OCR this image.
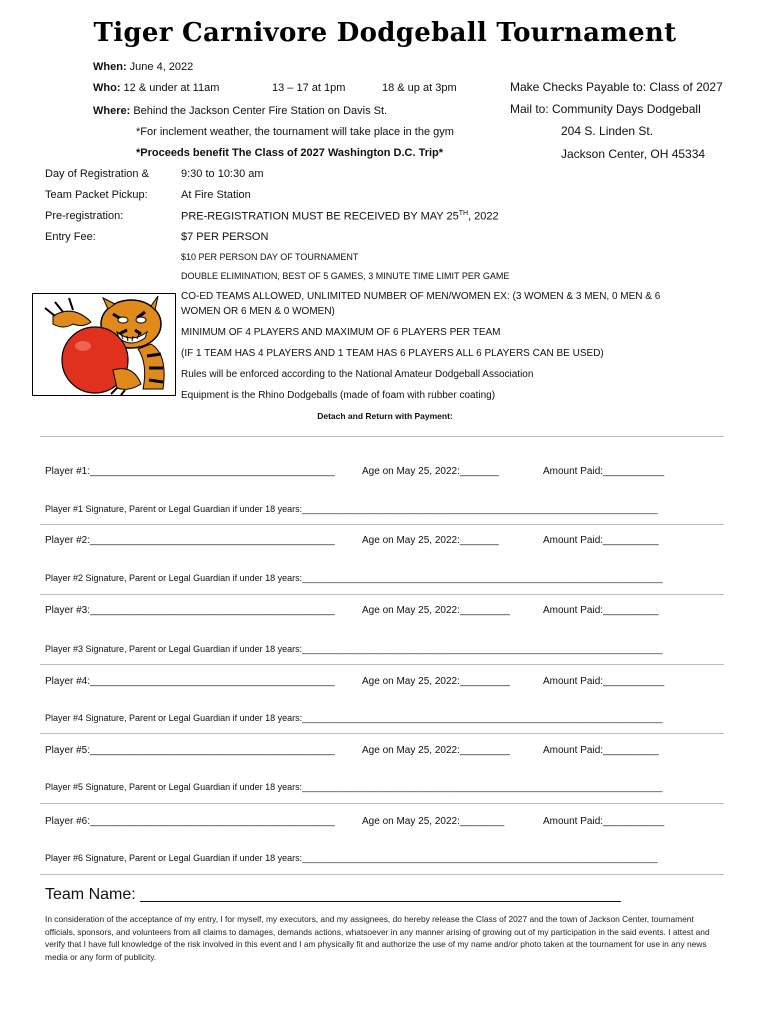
Tiger Carnivore Dodgeball Tournament
When: June 4, 2022
Who: 12 & under at 11am	13 – 17 at 1pm	18 & up at 3pm	Make Checks Payable to: Class of 2027
Mail to: Community Days Dodgeball
204 S. Linden St.
Jackson Center, OH 45334
Where: Behind the Jackson Center Fire Station on Davis St.
*For inclement weather, the tournament will take place in the gym
*Proceeds benefit The Class of 2027 Washington D.C. Trip*
Day of Registration &	9:30 to 10:30 am
Team Packet Pickup:	At Fire Station
Pre-registration:	PRE-REGISTRATION MUST BE RECEIVED BY MAY 25TH, 2022
Entry Fee:	$7 PER PERSON
$10 PER PERSON DAY OF TOURNAMENT
DOUBLE ELIMINATION, BEST OF 5 GAMES, 3 MINUTE TIME LIMIT PER GAME
CO-ED TEAMS ALLOWED, UNLIMITED NUMBER OF MEN/WOMEN EX: (3 WOMEN & 3 MEN, 0 MEN & 6
WOMEN OR 6 MEN & 0 WOMEN)
MINIMUM OF 4 PLAYERS AND MAXIMUM OF 6 PLAYERS PER TEAM
(IF 1 TEAM HAS 4 PLAYERS AND 1 TEAM HAS 6 PLAYERS ALL 6 PLAYERS CAN BE USED)
Rules will be enforced according to the National Amateur Dodgeball Association
Equipment is the Rhino Dodgeballs (made of foam with rubber coating)
Detach and Return with Payment:
Player #1:____________________________________________	Age on May 25, 2022:_______	Amount Paid:___________
Player #1 Signature, Parent or Legal Guardian if under 18 years:_______________________________________________________________________
Player #2:____________________________________________	Age on May 25, 2022:_______	Amount Paid:__________
Player #2 Signature, Parent or Legal Guardian if under 18 years:________________________________________________________________________
Player #3:____________________________________________	Age on May 25, 2022:_________	Amount Paid:__________
Player #3 Signature, Parent or Legal Guardian if under 18 years:________________________________________________________________________
Player #4:____________________________________________	Age on May 25, 2022:_________	Amount Paid:___________
Player #4 Signature, Parent or Legal Guardian if under 18 years:________________________________________________________________________
Player #5:____________________________________________	Age on May 25, 2022:_________	Amount Paid:__________
Player #5 Signature, Parent or Legal Guardian if under 18 years:________________________________________________________________________
Player #6:____________________________________________	Age on May 25, 2022:________	Amount Paid:___________
Player #6 Signature, Parent or Legal Guardian if under 18 years:_______________________________________________________________________
Team Name: ______________________________________________________
In consideration of the acceptance of my entry, I for myself, my executors, and my assignees, do hereby release the Class of 2027 and the town of Jackson Center, tournament officials, sponsors, and volunteers from all claims to damages, demands actions, whatsoever in any manner arising of growing out of my participation in the said events. I attest and verify that I have full knowledge of the risk involved in this event and I am physically fit and authorize the use of my name and/or photo taken at the tournament for use in any news media or any form of publicity.
